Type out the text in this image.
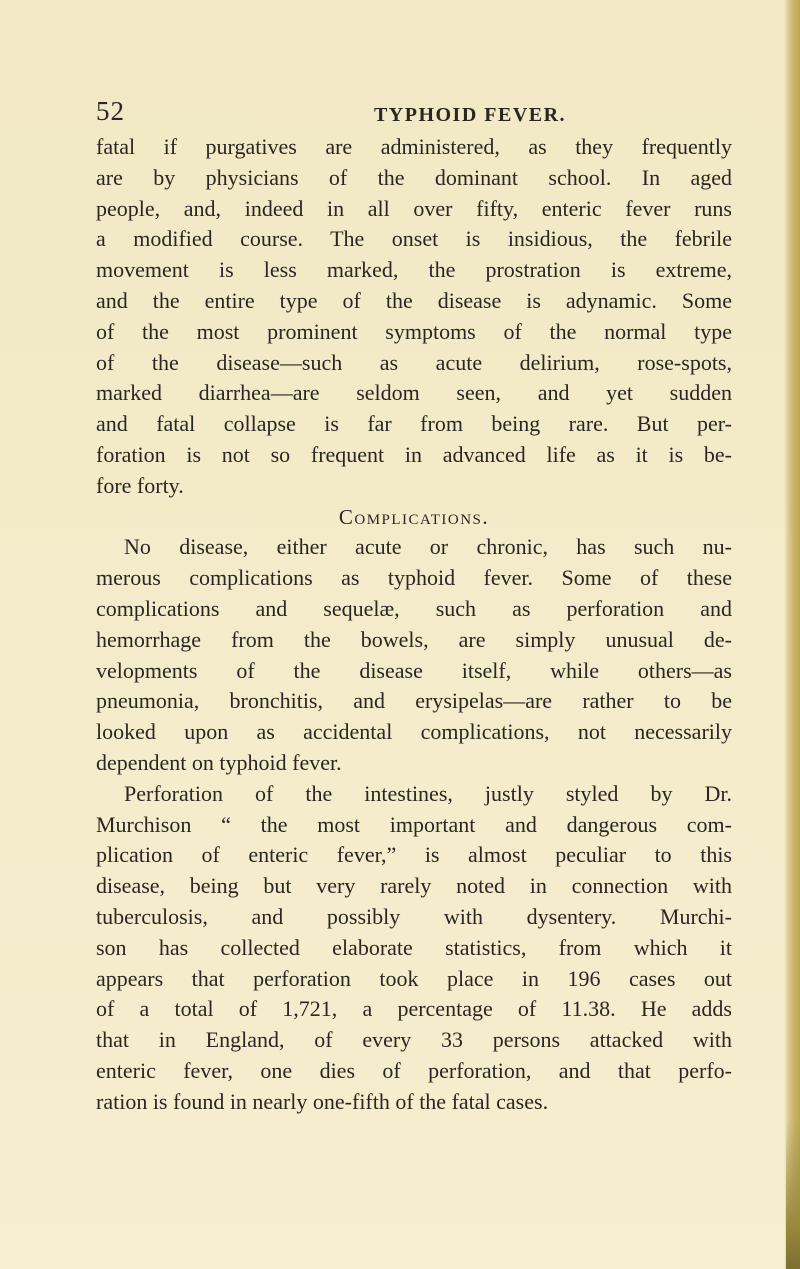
52	TYPHOID FEVER.
fatal if purgatives are administered, as they frequently
are by physicians of the dominant school. In aged
people, and, indeed in all over fifty, enteric fever runs
a modified course. The onset is insidious, the febrile
movement is less marked, the prostration is extreme,
and the entire type of the disease is adynamic. Some
of the most prominent symptoms of the normal type
of the disease—such as acute delirium, rose-spots,
marked diarrhea—are seldom seen, and yet sudden
and fatal collapse is far from being rare. But per-
foration is not so frequent in advanced life as it is be-
fore forty.
Complications.
No disease, either acute or chronic, has such nu-
merous complications as typhoid fever. Some of these
complications and sequelæ, such as perforation and
hemorrhage from the bowels, are simply unusual de-
velopments of the disease itself, while others—as
pneumonia, bronchitis, and erysipelas—are rather to be
looked upon as accidental complications, not necessarily
dependent on typhoid fever.
Perforation of the intestines, justly styled by Dr.
Murchison “ the most important and dangerous com-
plication of enteric fever,” is almost peculiar to this
disease, being but very rarely noted in connection with
tuberculosis, and possibly with dysentery. Murchi-
son has collected elaborate statistics, from which it
appears that perforation took place in 196 cases out
of a total of 1,721, a percentage of 11.38. He adds
that in England, of every 33 persons attacked with
enteric fever, one dies of perforation, and that perfo-
ration is found in nearly one-fifth of the fatal cases.
